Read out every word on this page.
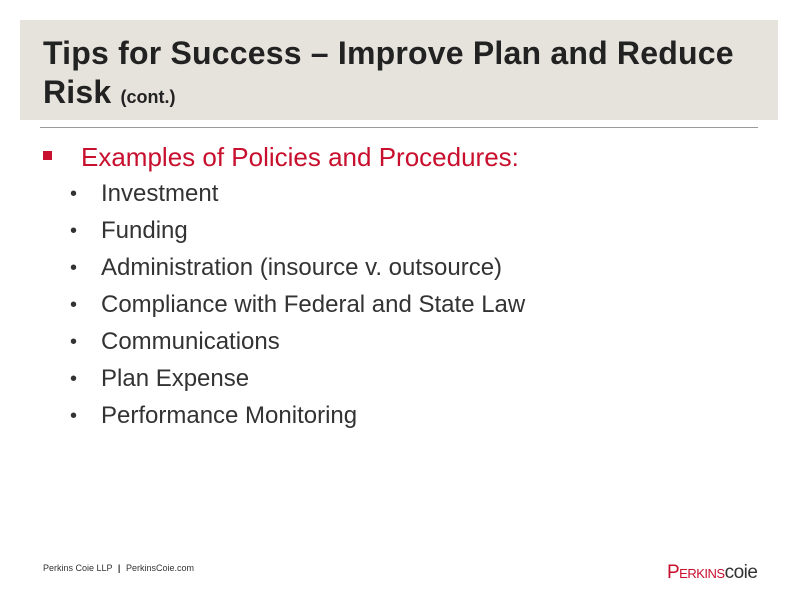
Tips for Success – Improve Plan and Reduce Risk (cont.)
Examples of Policies and Procedures:
• Investment
• Funding
• Administration (insource v. outsource)
• Compliance with Federal and State Law
• Communications
• Plan Expense
• Performance Monitoring
Perkins Coie LLP | PerkinsCoie.com	Perkinscoie
